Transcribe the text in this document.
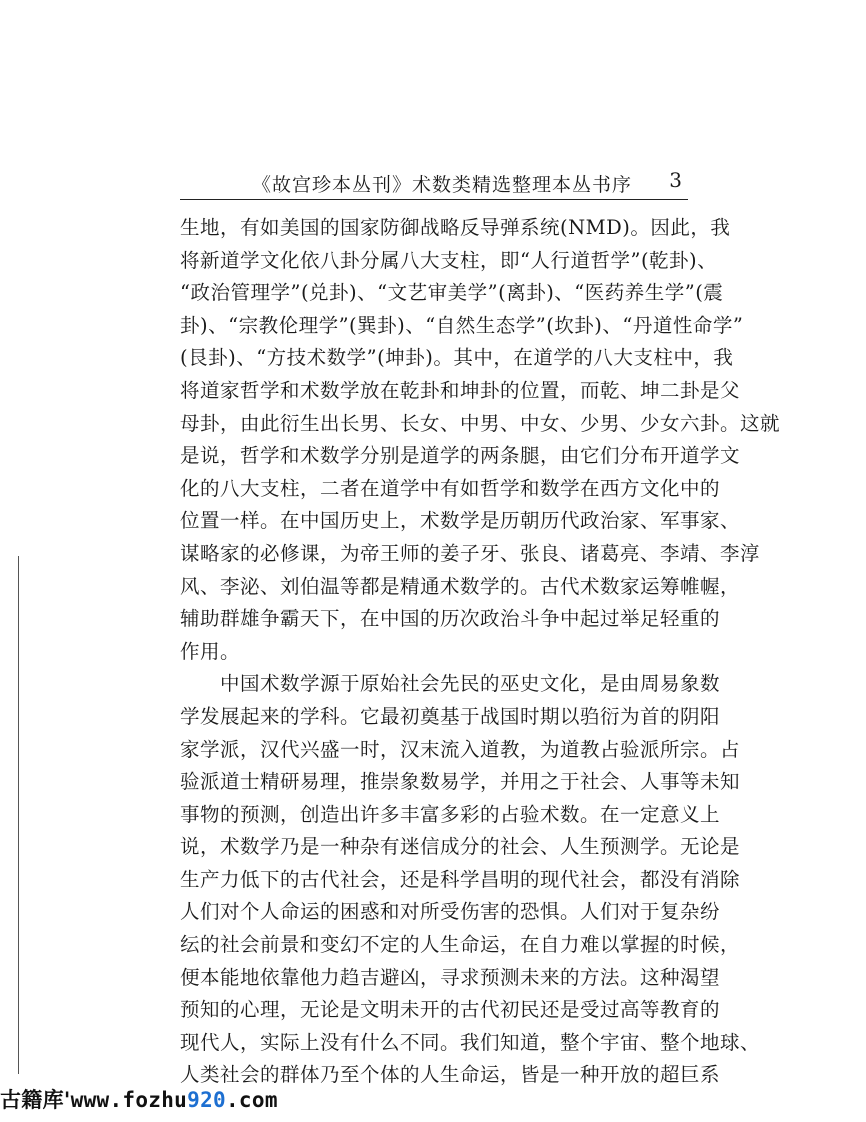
《故宫珍本丛刊》术数类精选整理本丛书序 3

生地，有如美国的国家防御战略反导弹系统(NMD)。因此，我
将新道学文化依八卦分属八大支柱，即“人行道哲学”(乾卦)、
“政治管理学”(兑卦)、“文艺审美学”(离卦)、“医药养生学”(震
卦)、“宗教伦理学”(巽卦)、“自然生态学”(坎卦)、“丹道性命学”
(艮卦)、“方技术数学”(坤卦)。其中，在道学的八大支柱中，我
将道家哲学和术数学放在乾卦和坤卦的位置，而乾、坤二卦是父
母卦，由此衍生出长男、长女、中男、中女、少男、少女六卦。这就
是说，哲学和术数学分别是道学的两条腿，由它们分布开道学文
化的八大支柱，二者在道学中有如哲学和数学在西方文化中的
位置一样。在中国历史上，术数学是历朝历代政治家、军事家、
谋略家的必修课，为帝王师的姜子牙、张良、诸葛亮、李靖、李淳
风、李泌、刘伯温等都是精通术数学的。古代术数家运筹帷幄，
辅助群雄争霸天下，在中国的历次政治斗争中起过举足轻重的
作用。

中国术数学源于原始社会先民的巫史文化，是由周易象数
学发展起来的学科。它最初奠基于战国时期以驺衍为首的阴阳
家学派，汉代兴盛一时，汉末流入道教，为道教占验派所宗。占
验派道士精研易理，推崇象数易学，并用之于社会、人事等未知
事物的预测，创造出许多丰富多彩的占验术数。在一定意义上
说，术数学乃是一种杂有迷信成分的社会、人生预测学。无论是
生产力低下的古代社会，还是科学昌明的现代社会，都没有消除
人们对个人命运的困惑和对所受伤害的恐惧。人们对于复杂纷
纭的社会前景和变幻不定的人生命运，在自力难以掌握的时候，
便本能地依靠他力趋吉避凶，寻求预测未来的方法。这种渴望
预知的心理，无论是文明未开的古代初民还是受过高等教育的
现代人，实际上没有什么不同。我们知道，整个宇宙、整个地球、
人类社会的群体乃至个体的人生命运，皆是一种开放的超巨系

古籍库'www.fozhu920.com
